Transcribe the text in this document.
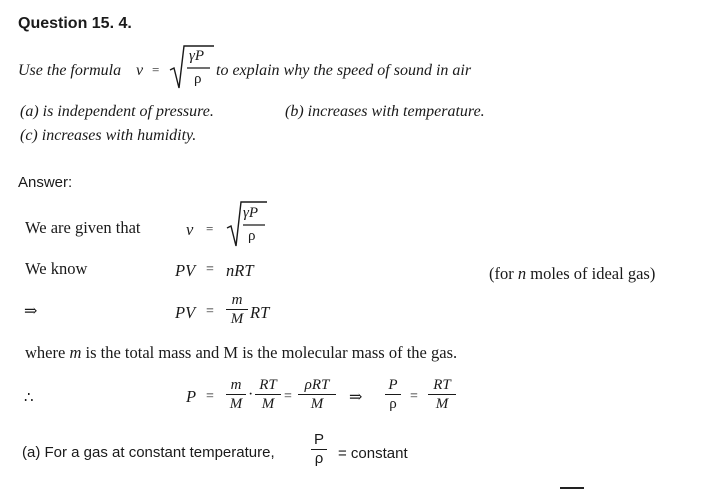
Question 15. 4.
Use the formula v =
γP
ρ to explain why the speed of sound in air
(a) is independent of pressure.	(b) increases with temperature.
(c) increases with humidity.
Answer:
We are given that	v =
γP
ρ
We know	PV = nRT	(for n moles of ideal gas)
⇒	PV =
m
M RT
where m is the total mass and M is the molecular mass of the gas.
∴	P =
m
M
·
RT
M =
ρRT
M	⇒
P
ρ =
RT
M
(a) For a gas at constant temperature,
P
ρ = constant
